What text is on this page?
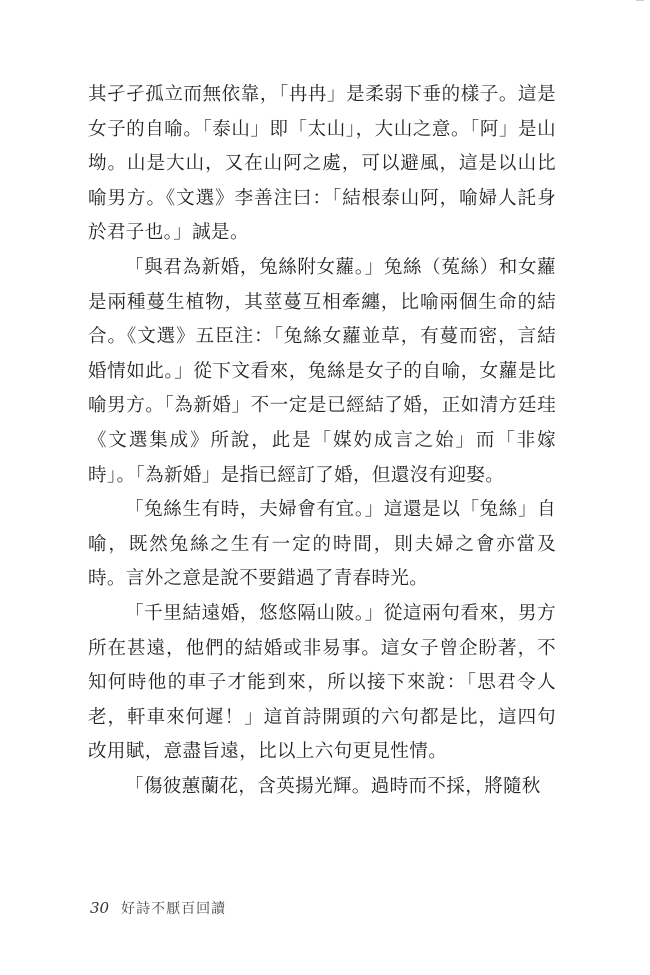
其孑孑孤立而無依靠，「冉冉」是柔弱下垂的樣子。這是女子的自喻。「泰山」即「太山」，大山之意。「阿」是山坳。山是大山，又在山阿之處，可以避風，這是以山比喻男方。《文選》李善注曰：「結根泰山阿，喻婦人託身於君子也。」誠是。

「與君為新婚，兔絲附女蘿。」兔絲（菟絲）和女蘿是兩種蔓生植物，其莖蔓互相牽纏，比喻兩個生命的結合。《文選》五臣注：「兔絲女蘿並草，有蔓而密，言結婚情如此。」從下文看來，兔絲是女子的自喻，女蘿是比喻男方。「為新婚」不一定是已經結了婚，正如清方廷珪《文選集成》所說，此是「媒妁成言之始」而「非嫁時」。「為新婚」是指已經訂了婚，但還沒有迎娶。

「兔絲生有時，夫婦會有宜。」這還是以「兔絲」自喻，既然兔絲之生有一定的時間，則夫婦之會亦當及時。言外之意是說不要錯過了青春時光。

「千里結遠婚，悠悠隔山陂。」從這兩句看來，男方所在甚遠，他們的結婚或非易事。這女子曾企盼著，不知何時他的車子才能到來，所以接下來說：「思君令人老，軒車來何遲！」這首詩開頭的六句都是比，這四句改用賦，意盡旨遠，比以上六句更見性情。

「傷彼蕙蘭花，含英揚光輝。過時而不採，將隨秋

30 好詩不厭百回讀
